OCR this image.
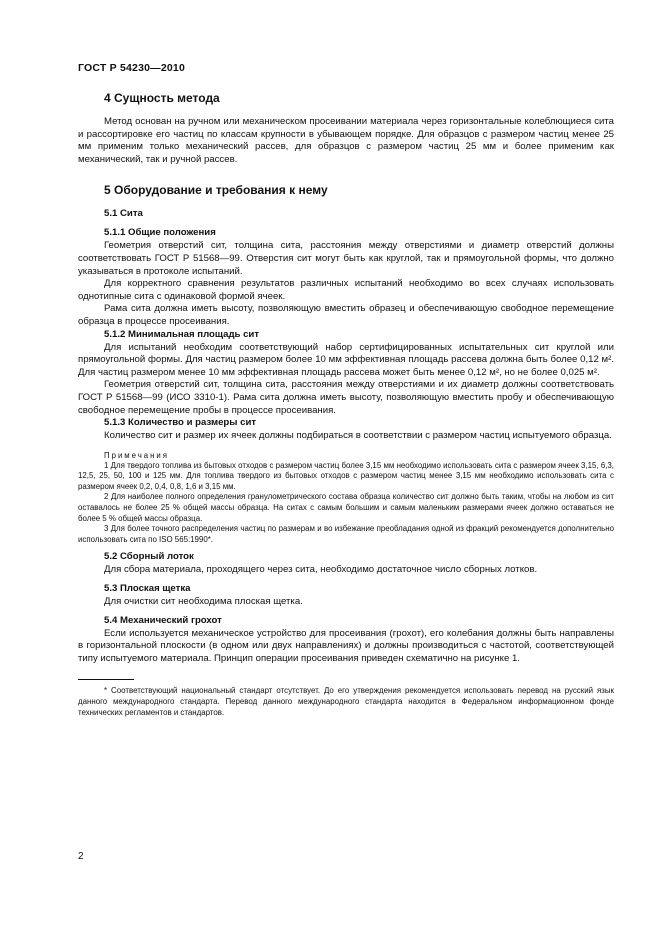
ГОСТ Р 54230—2010
4 Сущность метода

Метод основан на ручном или механическом просеивании материала через горизонтальные колеблющиеся сита и рассортировке его частиц по классам крупности в убывающем порядке. Для образцов с размером частиц менее 25 мм применим только механический рассев, для образцов с размером частиц 25 мм и более применим как механический, так и ручной рассев.

5 Оборудование и требования к нему
5.1 Сита
5.1.1 Общие положения

Геометрия отверстий сит, толщина сита, расстояния между отверстиями и диаметр отверстий должны соответствовать ГОСТ Р 51568—99. Отверстия сит могут быть как круглой, так и прямоугольной формы, что должно указываться в протоколе испытаний.

Для корректного сравнения результатов различных испытаний необходимо во всех случаях использовать однотипные сита с одинаковой формой ячеек.

Рама сита должна иметь высоту, позволяющую вместить образец и обеспечивающую свободное перемещение образца в процессе просеивания.

5.1.2 Минимальная площадь сит

Для испытаний необходим соответствующий набор сертифицированных испытательных сит круглой или прямоугольной формы. Для частиц размером более 10 мм эффективная площадь рассева должна быть более 0,12 м². Для частиц размером менее 10 мм эффективная площадь рассева может быть менее 0,12 м², но не более 0,025 м².

Геометрия отверстий сит, толщина сита, расстояния между отверстиями и их диаметр должны соответствовать ГОСТ Р 51568—99 (ИСО 3310-1). Рама сита должна иметь высоту, позволяющую вместить пробу и обеспечивающую свободное перемещение пробы в процессе просеивания.

5.1.3 Количество и размеры сит

Количество сит и размер их ячеек должны подбираться в соответствии с размером частиц испытуемого образца.

Примечания

1 Для твердого топлива из бытовых отходов с размером частиц более 3,15 мм необходимо использовать сита с размером ячеек 3,15, 6,3, 12,5, 25, 50, 100 и 125 мм. Для топлива твердого из бытовых отходов с размером частиц менее 3,15 мм необходимо использовать сита с размером ячеек 0,2, 0,4, 0,8, 1,6 и 3,15 мм.

2 Для наиболее полного определения гранулометрического состава образца количество сит должно быть таким, чтобы на любом из сит оставалось не более 25 % общей массы образца. На ситах с самым большим и самым маленьким размерами ячеек должно оставаться не более 5 % общей массы образца.

3 Для более точного распределения частиц по размерам и во избежание преобладания одной из фракций рекомендуется дополнительно использовать сита по ISO 565:1990*.

5.2 Сборный лоток

Для сбора материала, проходящего через сита, необходимо достаточное число сборных лотков.

5.3 Плоская щетка

Для очистки сит необходима плоская щетка.

5.4 Механический грохот

Если используется механическое устройство для просеивания (грохот), его колебания должны быть направлены в горизонтальной плоскости (в одном или двух направлениях) и должны производиться с частотой, соответствующей типу испытуемого материала. Принцип операции просеивания приведен схематично на рисунке 1.

* Соответствующий национальный стандарт отсутствует. До его утверждения рекомендуется использовать перевод на русский язык данного международного стандарта. Перевод данного международного стандарта находится в Федеральном информационном фонде технических регламентов и стандартов.

2
